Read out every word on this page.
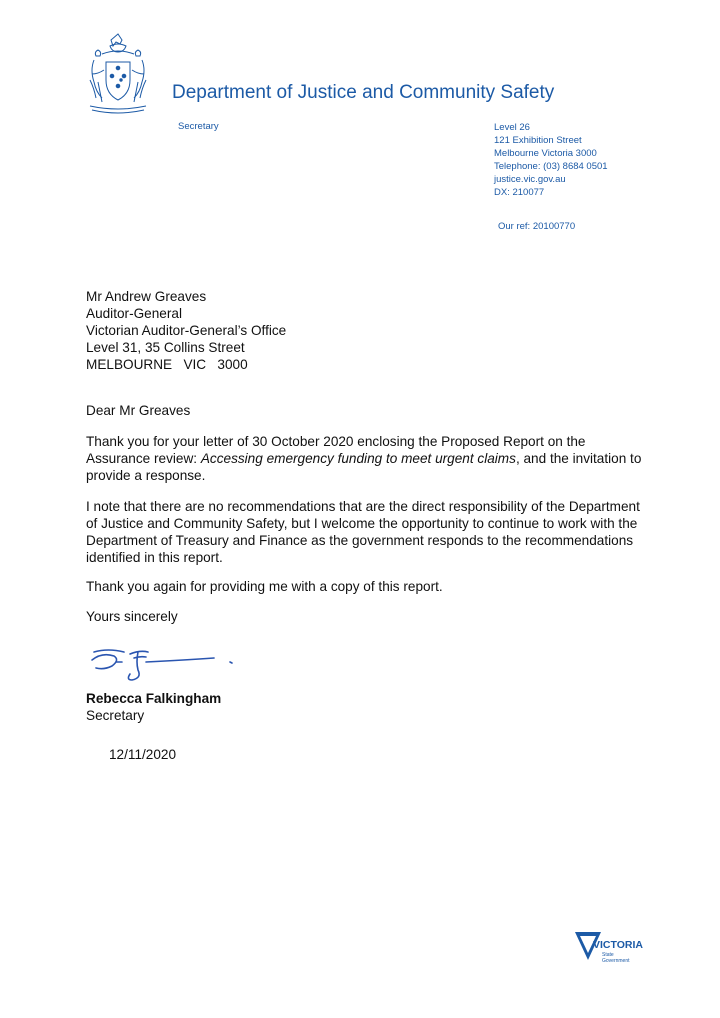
Department of Justice and Community Safety
Secretary	Level 26
121 Exhibition Street
Melbourne Victoria 3000
Telephone: (03) 8684 0501
justice.vic.gov.au
DX: 210077
Our ref: 20100770
Mr Andrew Greaves
Auditor-General
Victorian Auditor-General’s Office
Level 31, 35 Collins Street
MELBOURNE   VIC   3000
Dear Mr Greaves
Thank you for your letter of 30 October 2020 enclosing the Proposed Report on the Assurance review: Accessing emergency funding to meet urgent claims, and the invitation to provide a response.
I note that there are no recommendations that are the direct responsibility of the Department of Justice and Community Safety, but I welcome the opportunity to continue to work with the Department of Treasury and Finance as the government responds to the recommendations identified in this report.
Thank you again for providing me with a copy of this report.
Yours sincerely
Rebecca Falkingham
Secretary
12/11/2020
VICTORIA
State
Government
